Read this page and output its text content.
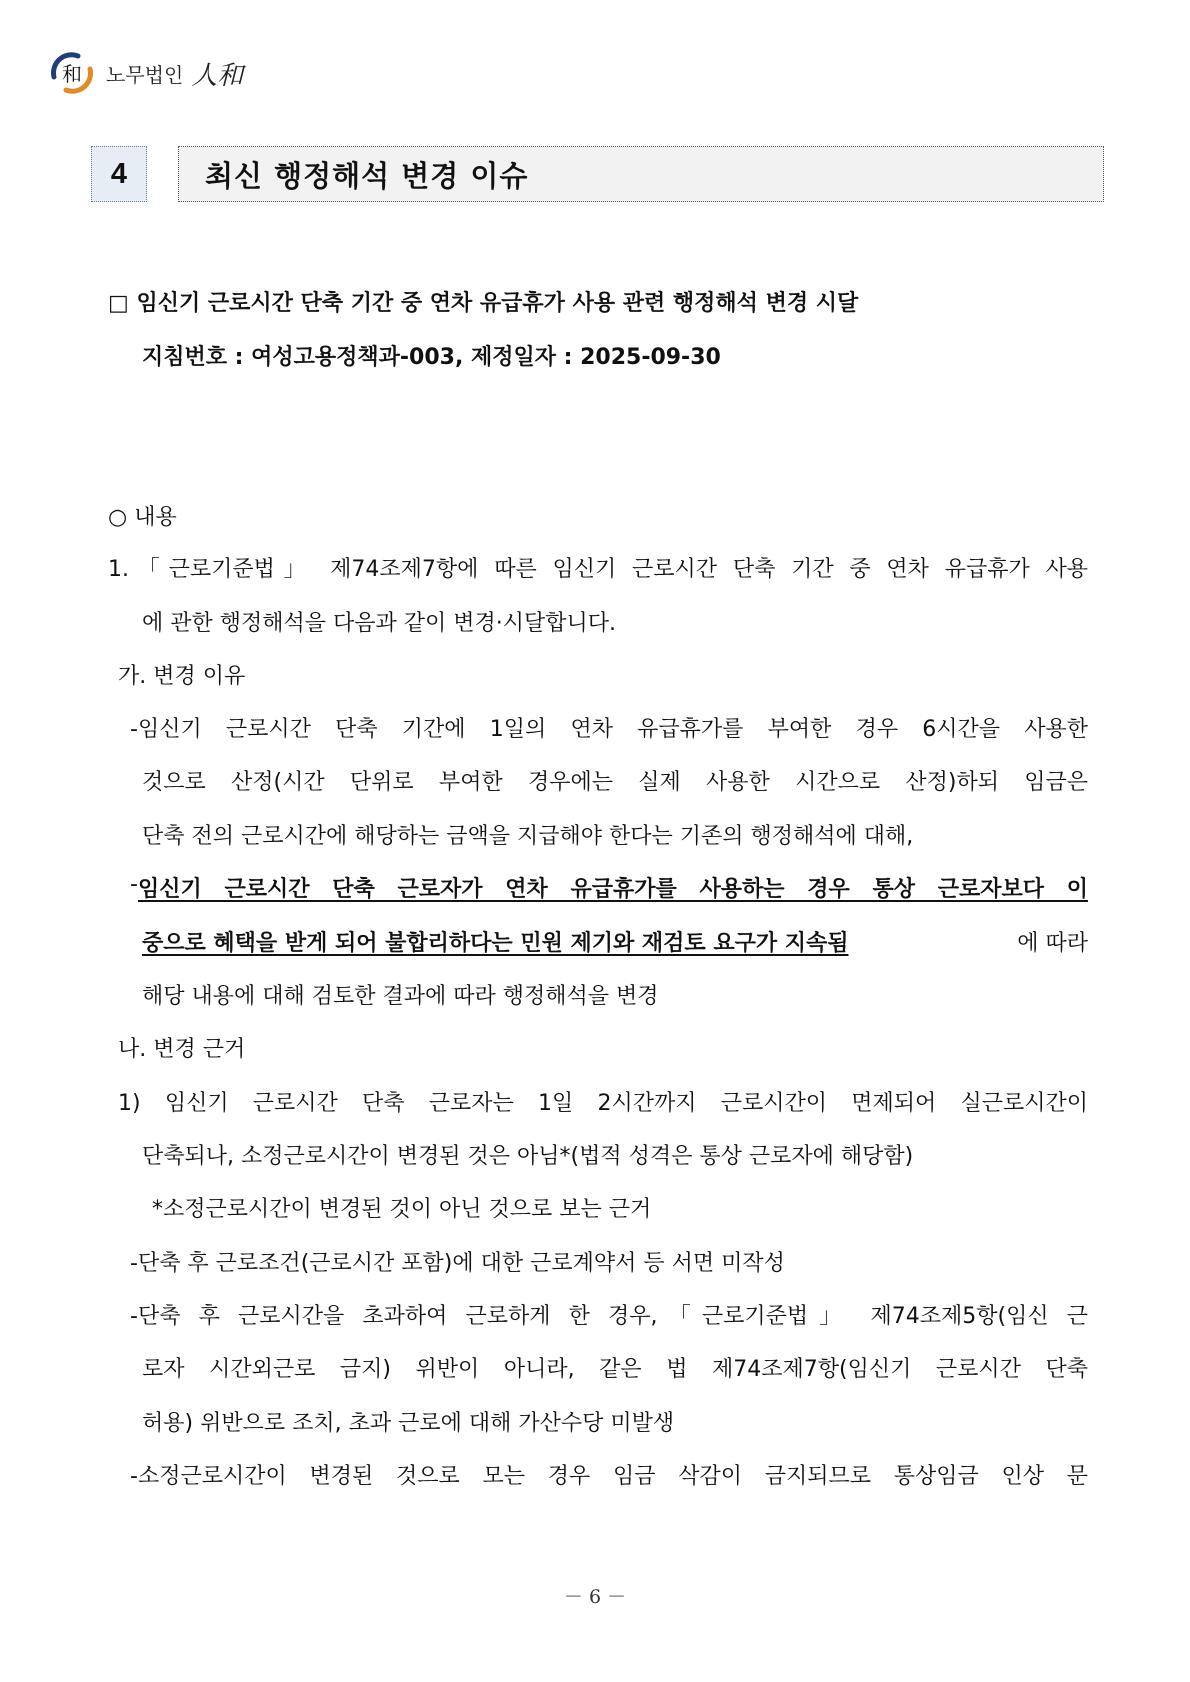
和 노무법인 人和
4	최신 행정해석 변경 이슈
□ 임신기 근로시간 단축 기간 중 연차 유급휴가 사용 관련 행정해석 변경 시달
지침번호 : 여성고용정책과-003, 제정일자 : 2025-09-30
○ 내용
1.「근로기준법」 제74조제7항에 따른 임신기 근로시간 단축 기간 중 연차 유급휴가 사용
에 관한 행정해석을 다음과 같이 변경·시달합니다.
가. 변경 이유
-임신기 근로시간 단축 기간에 1일의 연차 유급휴가를 부여한 경우 6시간을 사용한
것으로 산정(시간 단위로 부여한 경우에는 실제 사용한 시간으로 산정)하되 임금은
단축 전의 근로시간에 해당하는 금액을 지급해야 한다는 기존의 행정해석에 대해,
- 임신기 근로시간 단축 근로자가 연차 유급휴가를 사용하는 경우 통상 근로자보다 이
중으로 혜택을 받게 되어 불합리하다는 민원 제기와 재검토 요구가 지속됨	에 따라
해당 내용에 대해 검토한 결과에 따라 행정해석을 변경
나. 변경 근거
1) 임신기 근로시간 단축 근로자는 1일 2시간까지 근로시간이 면제되어 실근로시간이
단축되나, 소정근로시간이 변경된 것은 아님*(법적 성격은 통상 근로자에 해당함)
*소정근로시간이 변경된 것이 아닌 것으로 보는 근거
-단축 후 근로조건(근로시간 포함)에 대한 근로계약서 등 서면 미작성
-단축 후 근로시간을 초과하여 근로하게 한 경우,「근로기준법」 제74조제5항(임신 근
로자 시간외근로 금지) 위반이 아니라, 같은 법 제74조제7항(임신기 근로시간 단축
허용) 위반으로 조치, 초과 근로에 대해 가산수당 미발생
-소정근로시간이 변경된 것으로 모는 경우 임금 삭감이 금지되므로 통상임금 인상 문
－ 6 －
